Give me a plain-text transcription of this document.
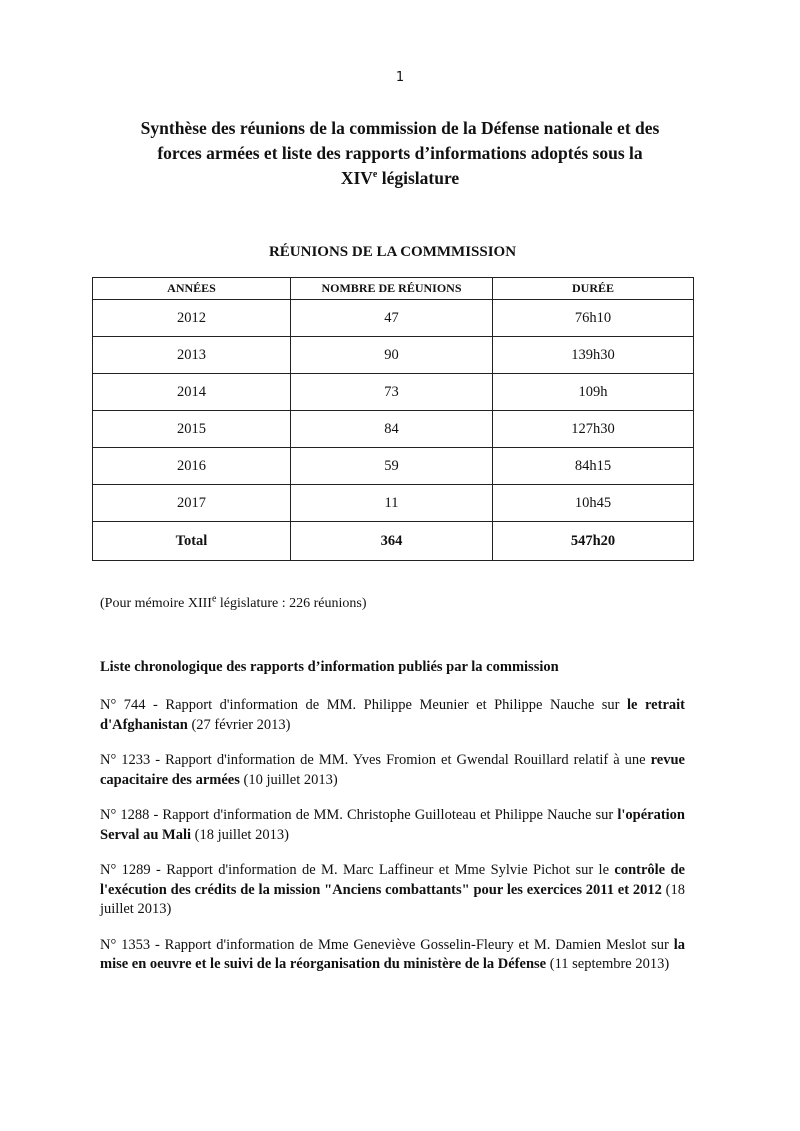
1
Synthèse des réunions de la commission de la Défense nationale et des
forces armées et liste des rapports d’informations adoptés sous la
XIVe législature
RÉUNIONS DE LA COMMMISSION
ANNÉES	NOMBRE DE RÉUNIONS	DURÉE
2012	47	76h10
2013	90	139h30
2014	73	109h
2015	84	127h30
2016	59	84h15
2017	11	10h45
Total	364	547h20
(Pour mémoire XIIIe législature : 226 réunions)
Liste chronologique des rapports d’information publiés par la commission

N° 744 - Rapport d'information de MM. Philippe Meunier et Philippe Nauche sur le retrait d'Afghanistan (27 février 2013)

N° 1233 - Rapport d'information de MM. Yves Fromion et Gwendal Rouillard relatif à une revue capacitaire des armées (10 juillet 2013)

N° 1288 - Rapport d'information de MM. Christophe Guilloteau et Philippe Nauche sur l'opération Serval au Mali (18 juillet 2013)

N° 1289 - Rapport d'information de M. Marc Laffineur et Mme Sylvie Pichot sur le contrôle de l'exécution des crédits de la mission "Anciens combattants" pour les exercices 2011 et 2012 (18 juillet 2013)

N° 1353 - Rapport d'information de Mme Geneviève Gosselin-Fleury et M. Damien Meslot sur la mise en oeuvre et le suivi de la réorganisation du ministère de la Défense (11 septembre 2013)
